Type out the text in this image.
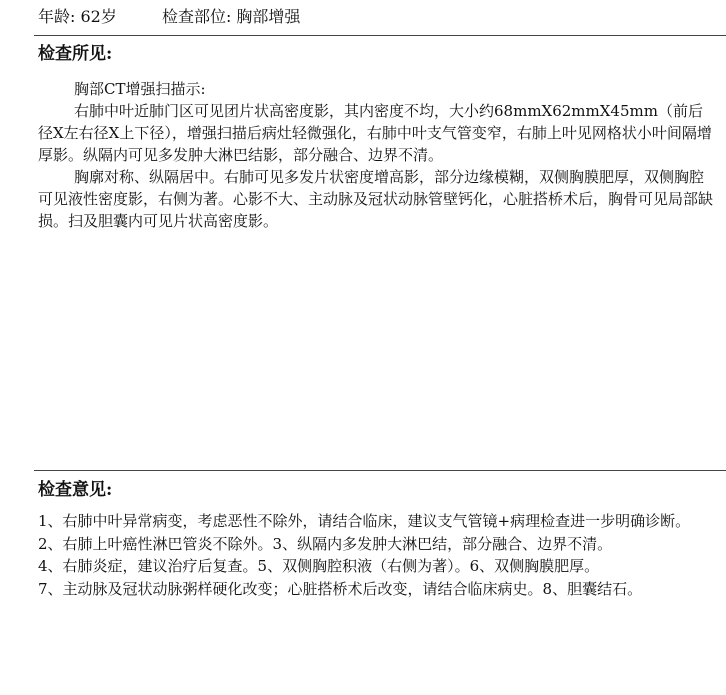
年龄: 62岁	检查部位: 胸部增强
检查所见:

胸部CT增强扫描示:

右肺中叶近肺门区可见团片状高密度影，其内密度不均，大小约68mmX62mmX45mm（前后径X左右径X上下径），增强扫描后病灶轻微强化，右肺中叶支气管变窄，右肺上叶见网格状小叶间隔增厚影。纵隔内可见多发肿大淋巴结影，部分融合、边界不清。

胸廓对称、纵隔居中。右肺可见多发片状密度增高影，部分边缘模糊，双侧胸膜肥厚，双侧胸腔可见液性密度影，右侧为著。心影不大、主动脉及冠状动脉管壁钙化，心脏搭桥术后，胸骨可见局部缺损。扫及胆囊内可见片状高密度影。

检查意见:

1、右肺中叶异常病变，考虑恶性不除外，请结合临床，建议支气管镜+病理检查进一步明确诊断。

2、右肺上叶癌性淋巴管炎不除外。3、纵隔内多发肿大淋巴结，部分融合、边界不清。

4、右肺炎症，建议治疗后复查。5、双侧胸腔积液（右侧为著）。6、双侧胸膜肥厚。

7、主动脉及冠状动脉粥样硬化改变；心脏搭桥术后改变，请结合临床病史。8、胆囊结石。
